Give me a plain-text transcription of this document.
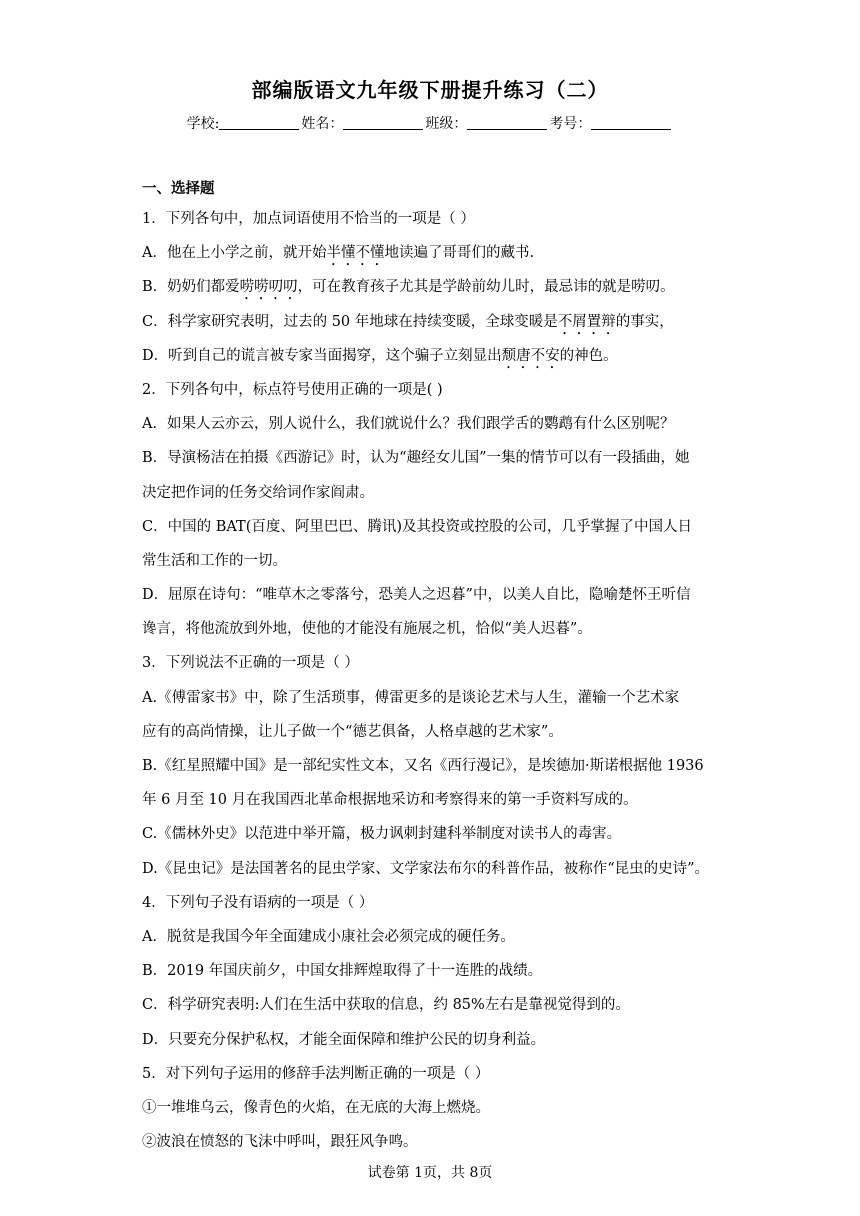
部编版语文九年级下册提升练习（二）
学校:	姓名：	班级：	考号：
一、选择题
1．下列各句中，加点词语使用不恰当的一项是（ ）
A．他在上小学之前，就开始半懂不懂地读遍了哥哥们的藏书.
B．奶奶们都爱唠唠叨叨，可在教育孩子尤其是学龄前幼儿时，最忌讳的就是唠叨。
C．科学家研究表明，过去的 50 年地球在持续变暖，全球变暖是不屑置辩的事实，
D．听到自己的谎言被专家当面揭穿，这个骗子立刻显出颓唐不安的神色。
2．下列各句中，标点符号使用正确的一项是( )
A．如果人云亦云，别人说什么，我们就说什么？我们跟学舌的鹦鹉有什么区别呢？
B．导演杨洁在拍摄《西游记》时，认为“趣经女儿国”一集的情节可以有一段插曲，她
决定把作词的任务交给词作家阎肃。
C．中国的 BAT(百度、阿里巴巴、腾讯)及其投资或控股的公司，几乎掌握了中国人日
常生活和工作的一切。
D．屈原在诗句：“唯草木之零落兮，恐美人之迟暮”中，以美人自比，隐喻楚怀王听信
谗言，将他流放到外地，使他的才能没有施展之机，恰似“美人迟暮”。
3．下列说法不正确的一项是（ ）
A.《傅雷家书》中，除了生活琐事，傅雷更多的是谈论艺术与人生，灌输一个艺术家
应有的高尚情操，让儿子做一个“德艺俱备，人格卓越的艺术家”。
B.《红星照耀中国》是一部纪实性文本，又名《西行漫记》，是埃德加·斯诺根据他 1936
年 6 月至 10 月在我国西北革命根据地采访和考察得来的第一手资料写成的。
C.《儒林外史》以范进中举开篇，极力讽刺封建科举制度对读书人的毒害。
D.《昆虫记》是法国著名的昆虫学家、文学家法布尔的科普作品，被称作“昆虫的史诗”。
4．下列句子没有语病的一项是（ ）
A．脱贫是我国今年全面建成小康社会必须完成的硬任务。
B．2019 年国庆前夕，中国女排辉煌取得了十一连胜的战绩。
C．科学研究表明:人们在生活中获取的信息，约 85%左右是靠视觉得到的。
D．只要充分保护私权，才能全面保障和维护公民的切身利益。
5．对下列句子运用的修辞手法判断正确的一项是（ ）
①一堆堆乌云，像青色的火焰，在无底的大海上燃烧。
②波浪在愤怒的飞沫中呼叫，跟狂风争鸣。
试卷第 1页，共 8页
